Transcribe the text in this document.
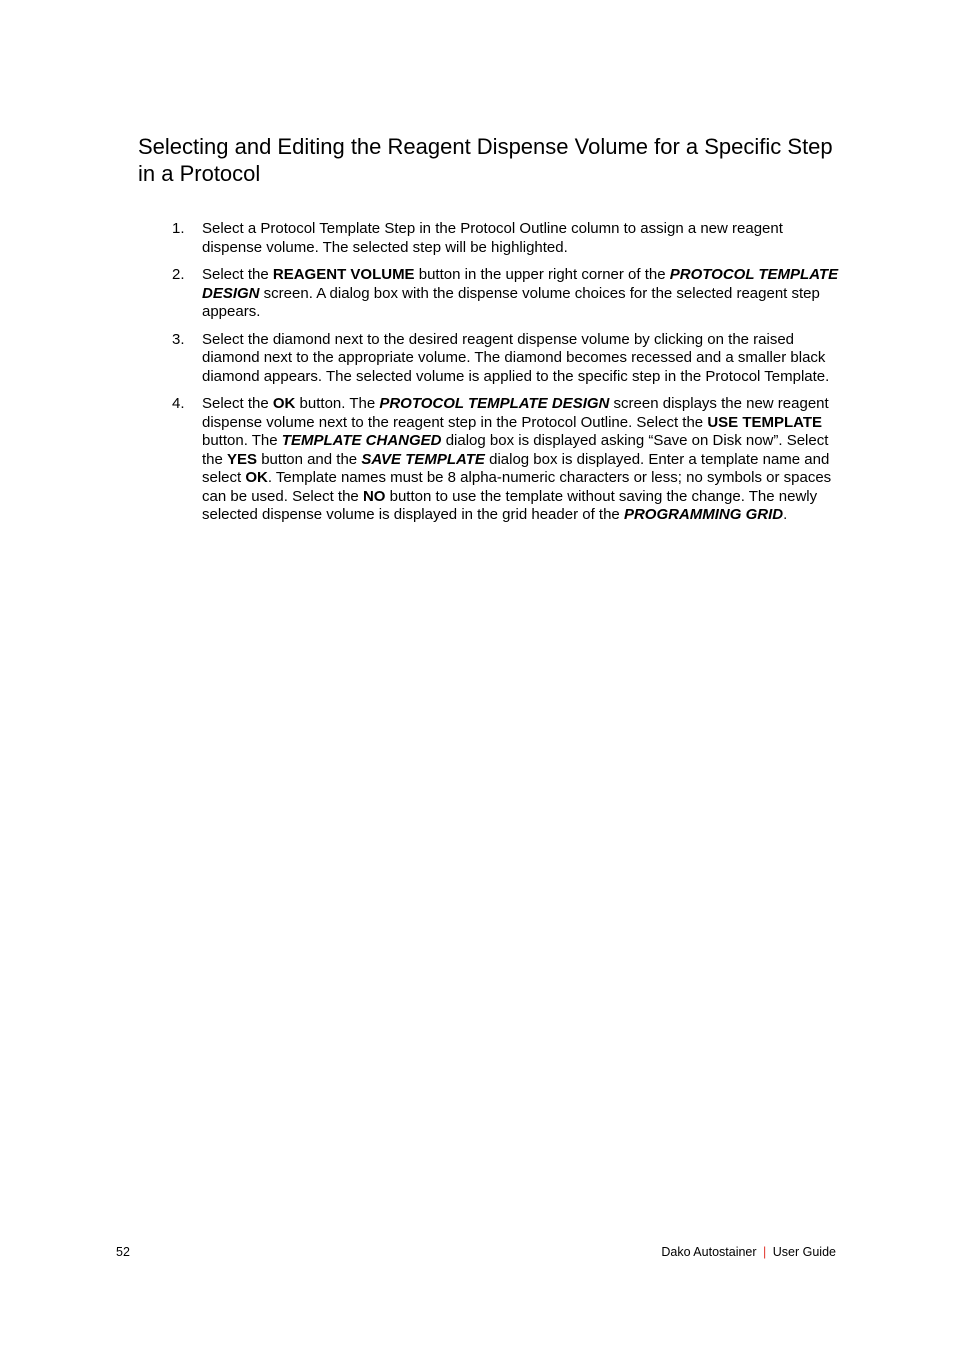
Selecting and Editing the Reagent Dispense Volume for a Specific Step in a Protocol
1. Select a Protocol Template Step in the Protocol Outline column to assign a new reagent dispense volume. The selected step will be highlighted.
2. Select the REAGENT VOLUME button in the upper right corner of the PROTOCOL TEMPLATE DESIGN screen. A dialog box with the dispense volume choices for the selected reagent step appears.
3. Select the diamond next to the desired reagent dispense volume by clicking on the raised diamond next to the appropriate volume. The diamond becomes recessed and a smaller black diamond appears. The selected volume is applied to the specific step in the Protocol Template.
4. Select the OK button. The PROTOCOL TEMPLATE DESIGN screen displays the new reagent dispense volume next to the reagent step in the Protocol Outline. Select the USE TEMPLATE button. The TEMPLATE CHANGED dialog box is displayed asking “Save on Disk now”. Select the YES button and the SAVE TEMPLATE dialog box is displayed. Enter a template name and select OK. Template names must be 8 alpha-numeric characters or less; no symbols or spaces can be used. Select the NO button to use the template without saving the change. The newly selected dispense volume is displayed in the grid header of the PROGRAMMING GRID.
52	Dako Autostainer | User Guide
